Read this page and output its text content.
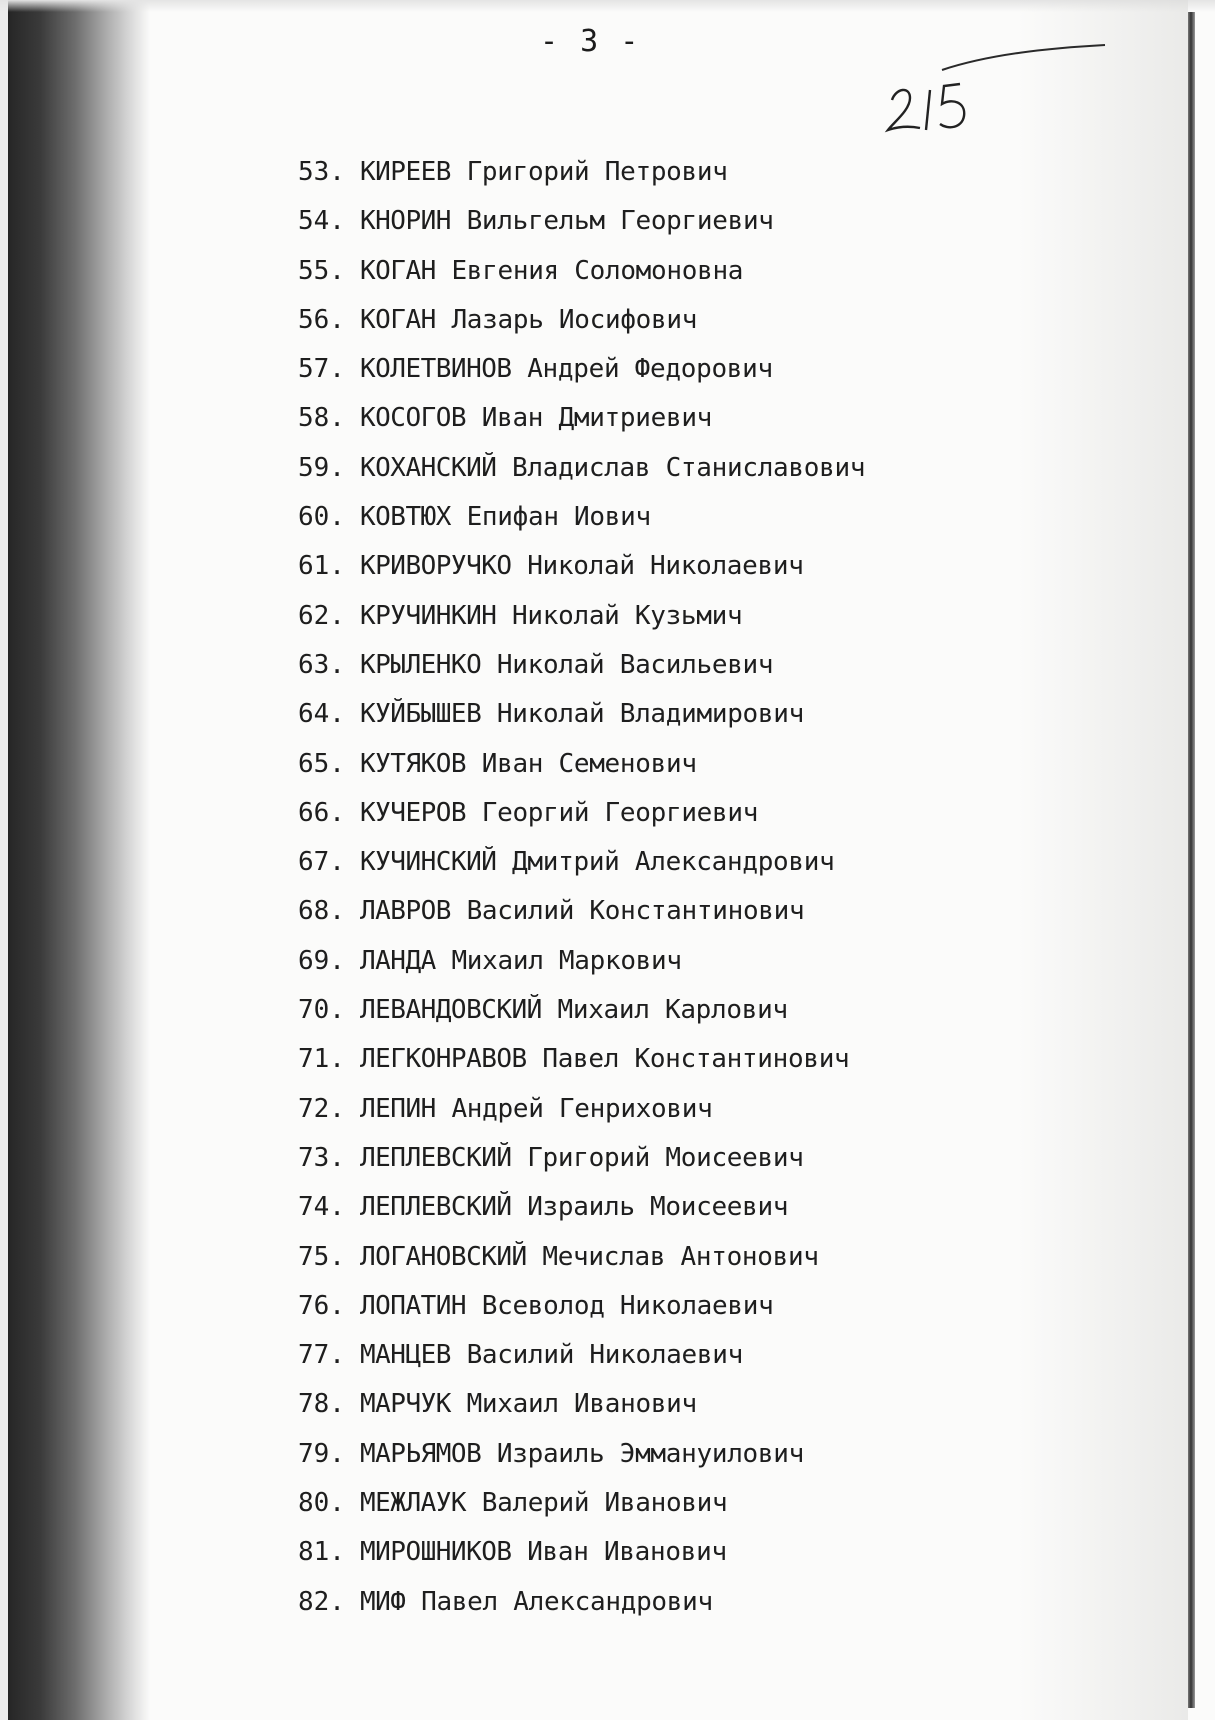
- 3 -
53. КИРЕЕВ Григорий Петрович
54. КНОРИН Вильгельм Георгиевич
55. КОГАН Евгения Соломоновна
56. КОГАН Лазарь Иосифович
57. КОЛЕТВИНОВ Андрей Федорович
58. КОСОГОВ Иван Дмитриевич
59. КОХАНСКИЙ Владислав Станиславович
60. КОВТЮХ Епифан Иович
61. КРИВОРУЧКО Николай Николаевич
62. КРУЧИНКИН Николай Кузьмич
63. КРЫЛЕНКО Николай Васильевич
64. КУЙБЫШЕВ Николай Владимирович
65. КУТЯКОВ Иван Семенович
66. КУЧЕРОВ Георгий Георгиевич
67. КУЧИНСКИЙ Дмитрий Александрович
68. ЛАВРОВ Василий Константинович
69. ЛАНДА Михаил Маркович
70. ЛЕВАНДОВСКИЙ Михаил Карлович
71. ЛЕГКОНРАВОВ Павел Константинович
72. ЛЕПИН Андрей Генрихович
73. ЛЕПЛЕВСКИЙ Григорий Моисеевич
74. ЛЕПЛЕВСКИЙ Израиль Моисеевич
75. ЛОГАНОВСКИЙ Мечислав Антонович
76. ЛОПАТИН Всеволод Николаевич
77. МАНЦЕВ Василий Николаевич
78. МАРЧУК Михаил Иванович
79. МАРЬЯМОВ Израиль Эммануилович
80. МЕЖЛАУК Валерий Иванович
81. МИРОШНИКОВ Иван Иванович
82. МИФ Павел Александрович
